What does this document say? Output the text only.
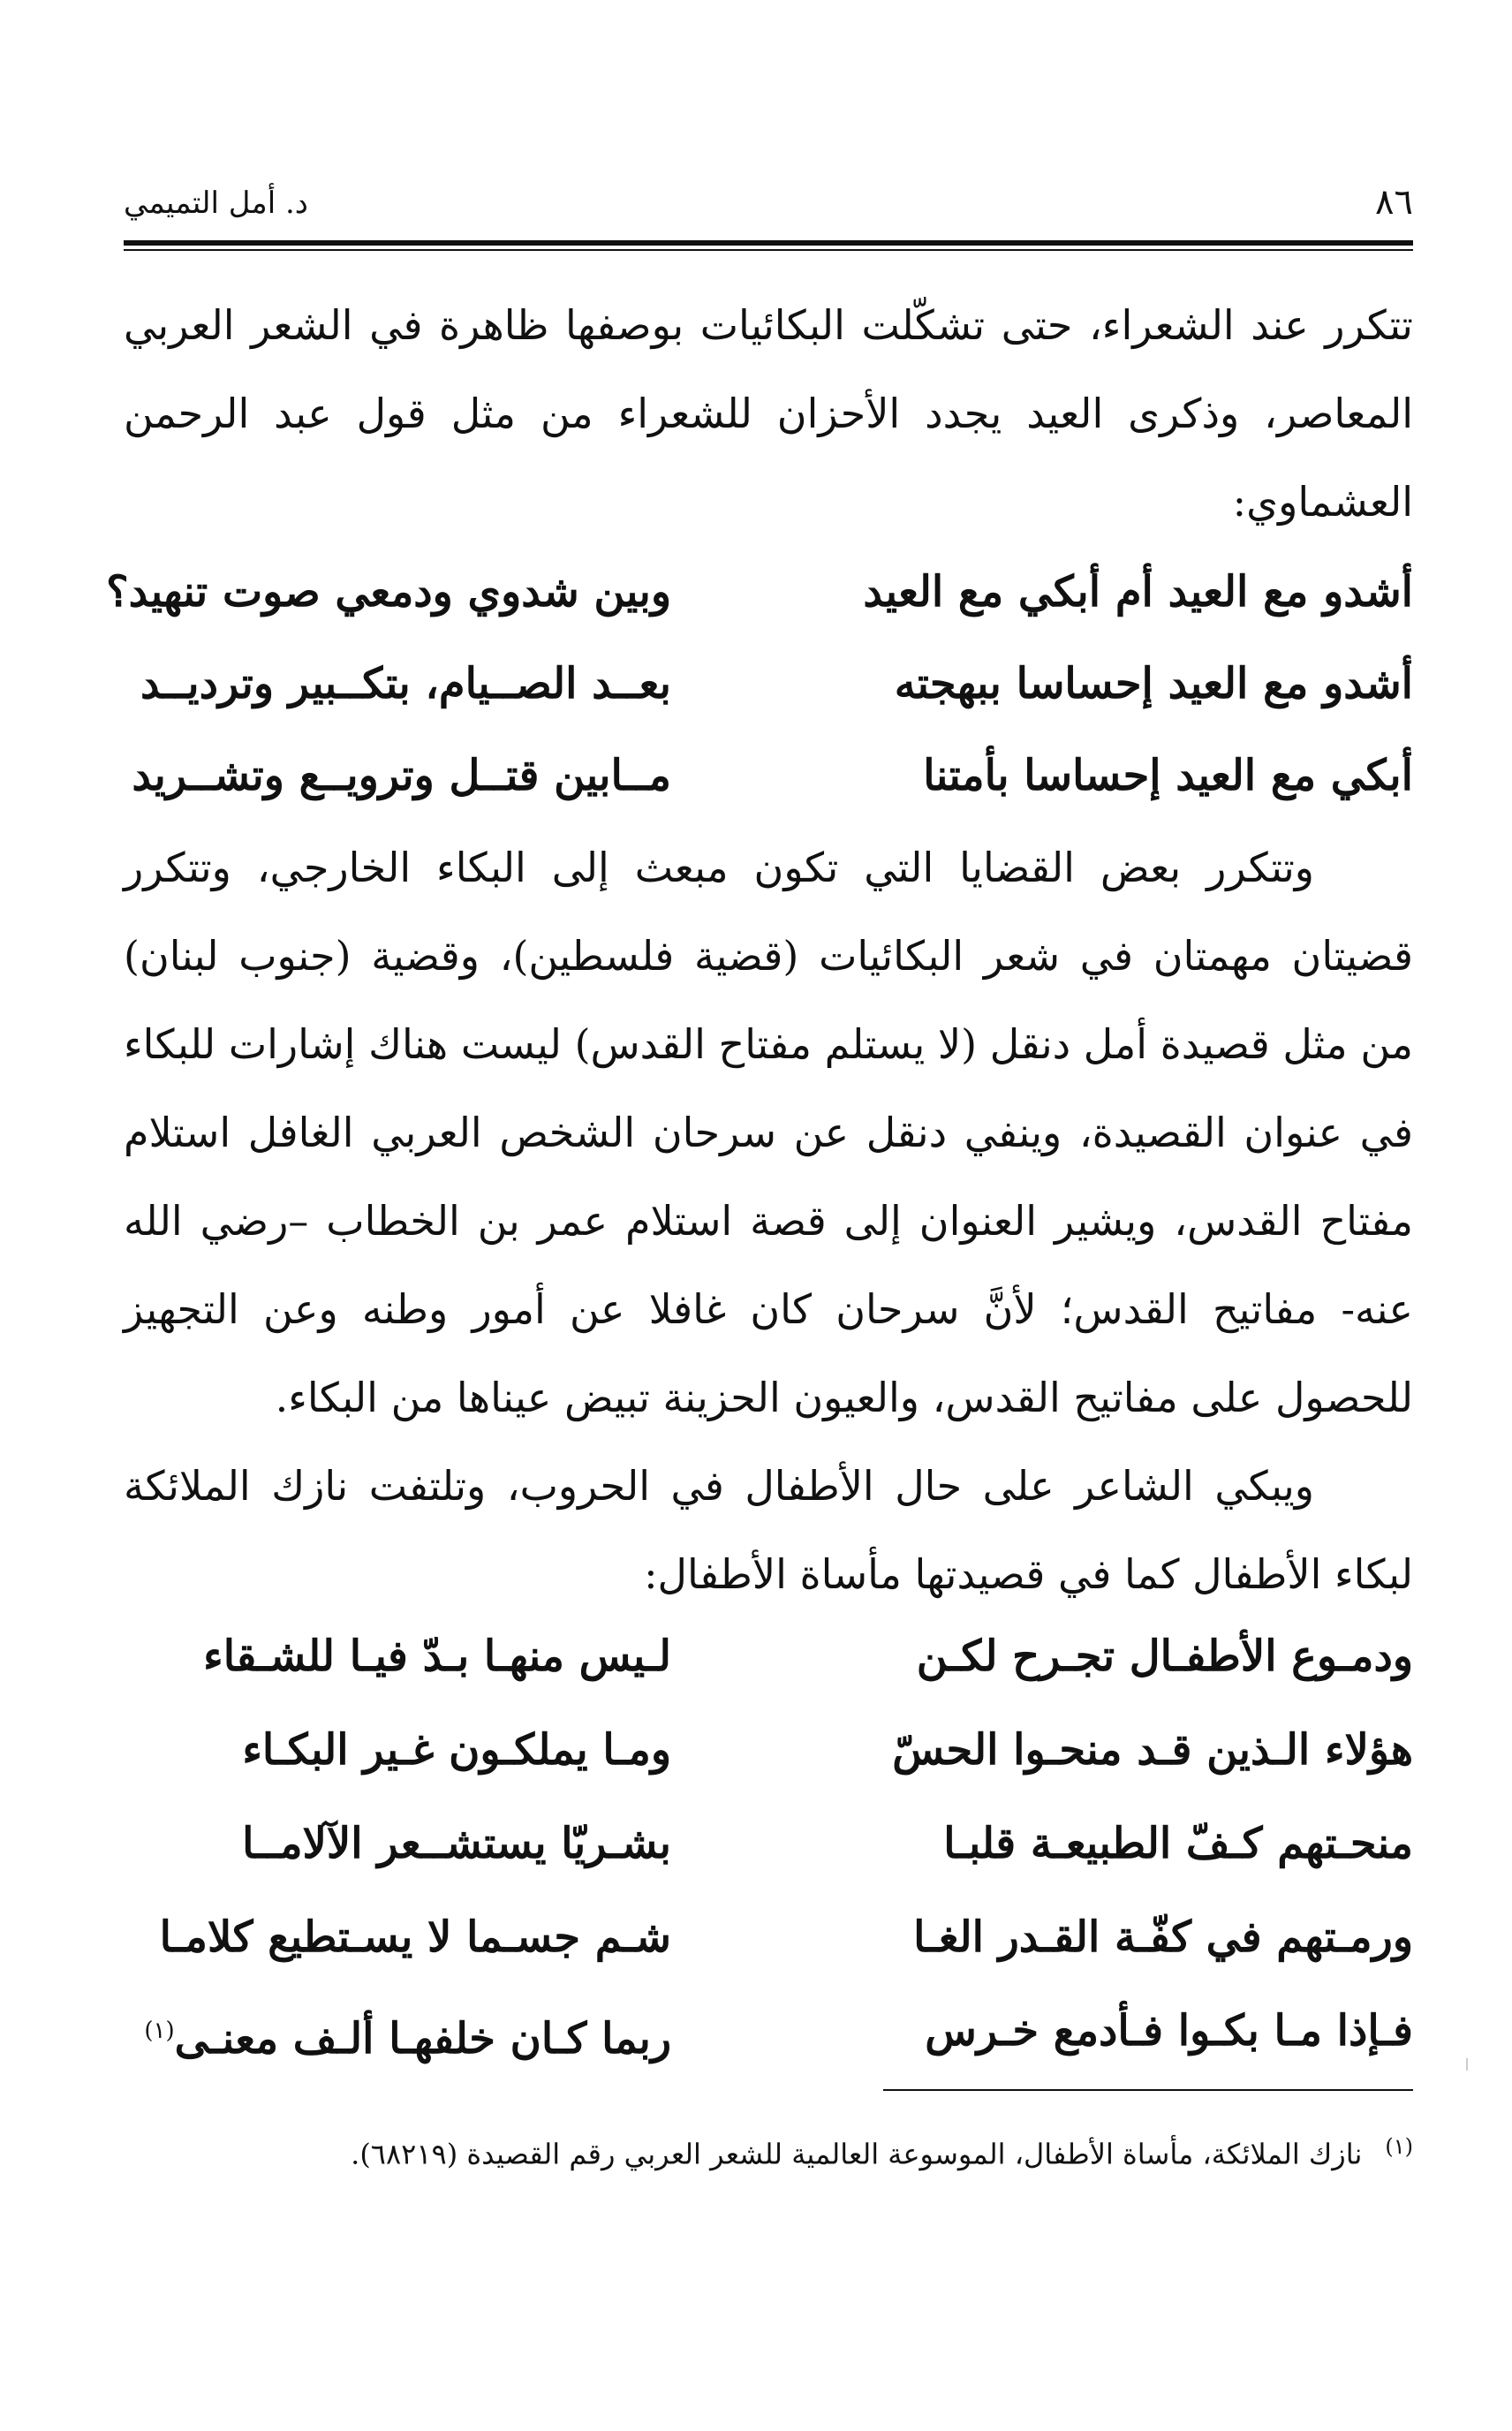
٨٦
د. أمل التميمي

تتكرر عند الشعراء، حتى تشكّلت البكائيات بوصفها ظاهرة في الشعر العربي المعاصر، وذكرى العيد يجدد الأحزان للشعراء من مثل قول عبد الرحمن العشماوي:

أشدو مع العيد أم أبكي مع العيد
وبين شدوي ودمعي صوت تنهيد؟
أشدو مع العيد إحساسا ببهجته
بعــد الصــيام، بتكــبير وترديــد
أبكي مع العيد إحساسا بأمتنا
مــابين قتــل وترويــع وتشــريد

وتتكرر بعض القضايا التي تكون مبعث إلى البكاء الخارجي، وتتكرر قضيتان مهمتان في شعر البكائيات (قضية فلسطين)، وقضية (جنوب لبنان) من مثل قصيدة أمل دنقل (لا يستلم مفتاح القدس) ليست هناك إشارات للبكاء في عنوان القصيدة، وينفي دنقل عن سرحان الشخص العربي الغافل استلام مفتاح القدس، ويشير العنوان إلى قصة استلام عمر بن الخطاب –رضي الله عنه- مفاتيح القدس؛ لأنَّ سرحان كان غافلا عن أمور وطنه وعن التجهيز للحصول على مفاتيح القدس، والعيون الحزينة تبيض عيناها من البكاء.

ويبكي الشاعر على حال الأطفال في الحروب، وتلتفت نازك الملائكة لبكاء الأطفال كما في قصيدتها مأساة الأطفال:

ودمـوع الأطفـال تجـرح لكـن
لـيس منهـا بـدّ فيـا للشـقاء
هؤلاء الـذين قـد منحـوا الحسّ
ومـا يملكـون غـير البكـاء
منحـتهم كـفّ الطبيعـة قلبـا
بشـريّا يستشــعر الآلامــا
ورمـتهم في كفّـة القـدر الغـا
شـم جسـما لا يسـتطيع كلامـا
فـإذا مـا بكـوا فـأدمع خـرس
ربما كـان خلفهـا ألـف معنـى$^{(١)}$
$^{(١)}$نازك الملائكة، مأساة الأطفال، الموسوعة العالمية للشعر العربي رقم القصيدة (٦٨٢١٩).
